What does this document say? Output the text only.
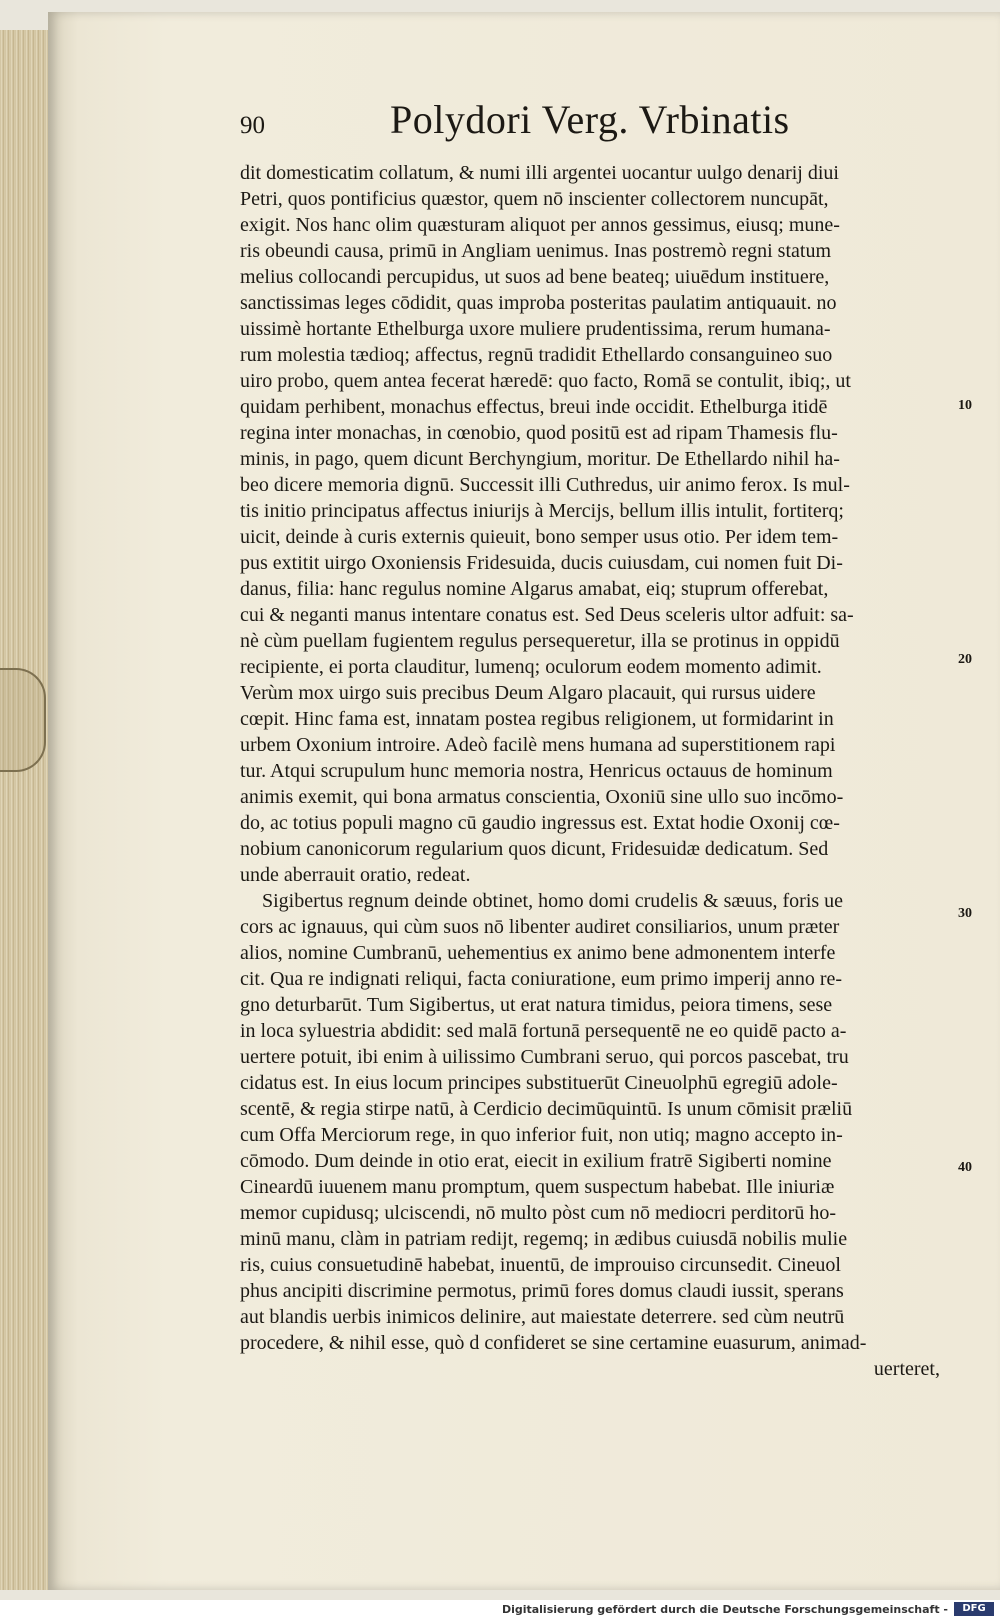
90	Polydori Verg. Vrbinatis
dit domesticatim collatum, & numi illi argentei uocantur uulgo denarij diui
Petri, quos pontificius quæstor, quem nō inscienter collectorem nuncupāt,
exigit. Nos hanc olim quæsturam aliquot per annos gessimus, eiusq; mune-
ris obeundi causa, primū in Angliam uenimus. Inas postremò regni statum
melius collocandi percupidus, ut suos ad bene beateq; uiuēdum instituere,
sanctissimas leges cōdidit, quas improba posteritas paulatim antiquauit. no
uissimè hortante Ethelburga uxore muliere prudentissima, rerum humana-
rum molestia tædioq; affectus, regnū tradidit Ethellardo consanguineo suo
uiro probo, quem antea fecerat hæredē: quo facto, Romā se contulit, ibiq;, ut
quidam perhibent, monachus effectus, breui inde occidit. Ethelburga itidē
regina inter monachas, in cœnobio, quod positū est ad ripam Thamesis flu-
minis, in pago, quem dicunt Berchyngium, moritur. De Ethellardo nihil ha-
beo dicere memoria dignū. Successit illi Cuthredus, uir animo ferox. Is mul-
tis initio principatus affectus iniurijs à Mercijs, bellum illis intulit, fortiterq;
uicit, deinde à curis externis quieuit, bono semper usus otio. Per idem tem-
pus extitit uirgo Oxoniensis Fridesuida, ducis cuiusdam, cui nomen fuit Di-
danus, filia: hanc regulus nomine Algarus amabat, eiq; stuprum offerebat,
cui & neganti manus intentare conatus est. Sed Deus sceleris ultor adfuit: sa-
nè cùm puellam fugientem regulus persequeretur, illa se protinus in oppidū
recipiente, ei porta clauditur, lumenq; oculorum eodem momento adimit.
Verùm mox uirgo suis precibus Deum Algaro placauit, qui rursus uidere
cœpit. Hinc fama est, innatam postea regibus religionem, ut formidarint in
urbem Oxonium introire. Adeò facilè mens humana ad superstitionem rapi
tur. Atqui scrupulum hunc memoria nostra, Henricus octauus de hominum
animis exemit, qui bona armatus conscientia, Oxoniū sine ullo suo incōmo-
do, ac totius populi magno cū gaudio ingressus est. Extat hodie Oxonij cœ-
nobium canonicorum regularium quos dicunt, Fridesuidæ dedicatum. Sed
unde aberrauit oratio, redeat.
Sigibertus regnum deinde obtinet, homo domi crudelis & sæuus, foris ue
cors ac ignauus, qui cùm suos nō libenter audiret consiliarios, unum præter
alios, nomine Cumbranū, uehementius ex animo bene admonentem interfe
cit. Qua re indignati reliqui, facta coniuratione, eum primo imperij anno re-
gno deturbarūt. Tum Sigibertus, ut erat natura timidus, peiora timens, sese
in loca syluestria abdidit: sed malā fortunā persequentē ne eo quidē pacto a-
uertere potuit, ibi enim à uilissimo Cumbrani seruo, qui porcos pascebat, tru
cidatus est. In eius locum principes substituerūt Cineuolphū egregiū adole-
scentē, & regia stirpe natū, à Cerdicio decimūquintū. Is unum cōmisit præliū
cum Offa Merciorum rege, in quo inferior fuit, non utiq; magno accepto in-
cōmodo. Dum deinde in otio erat, eiecit in exilium fratrē Sigiberti nomine
Cineardū iuuenem manu promptum, quem suspectum habebat. Ille iniuriæ
memor cupidusq; ulciscendi, nō multo pòst cum nō mediocri perditorū ho-
minū manu, clàm in patriam redijt, regemq; in ædibus cuiusdā nobilis mulie
ris, cuius consuetudinē habebat, inuentū, de improuiso circunsedit. Cineuol
phus ancipiti discrimine permotus, primū fores domus claudi iussit, sperans
aut blandis uerbis inimicos delinire, aut maiestate deterrere. sed cùm neutrū
procedere, & nihil esse, quò d confideret se sine certamine euasurum, animad-
uerteret,
10
20
30
40
Digitalisierung gefördert durch die Deutsche Forschungsgemeinschaft -	DFG
